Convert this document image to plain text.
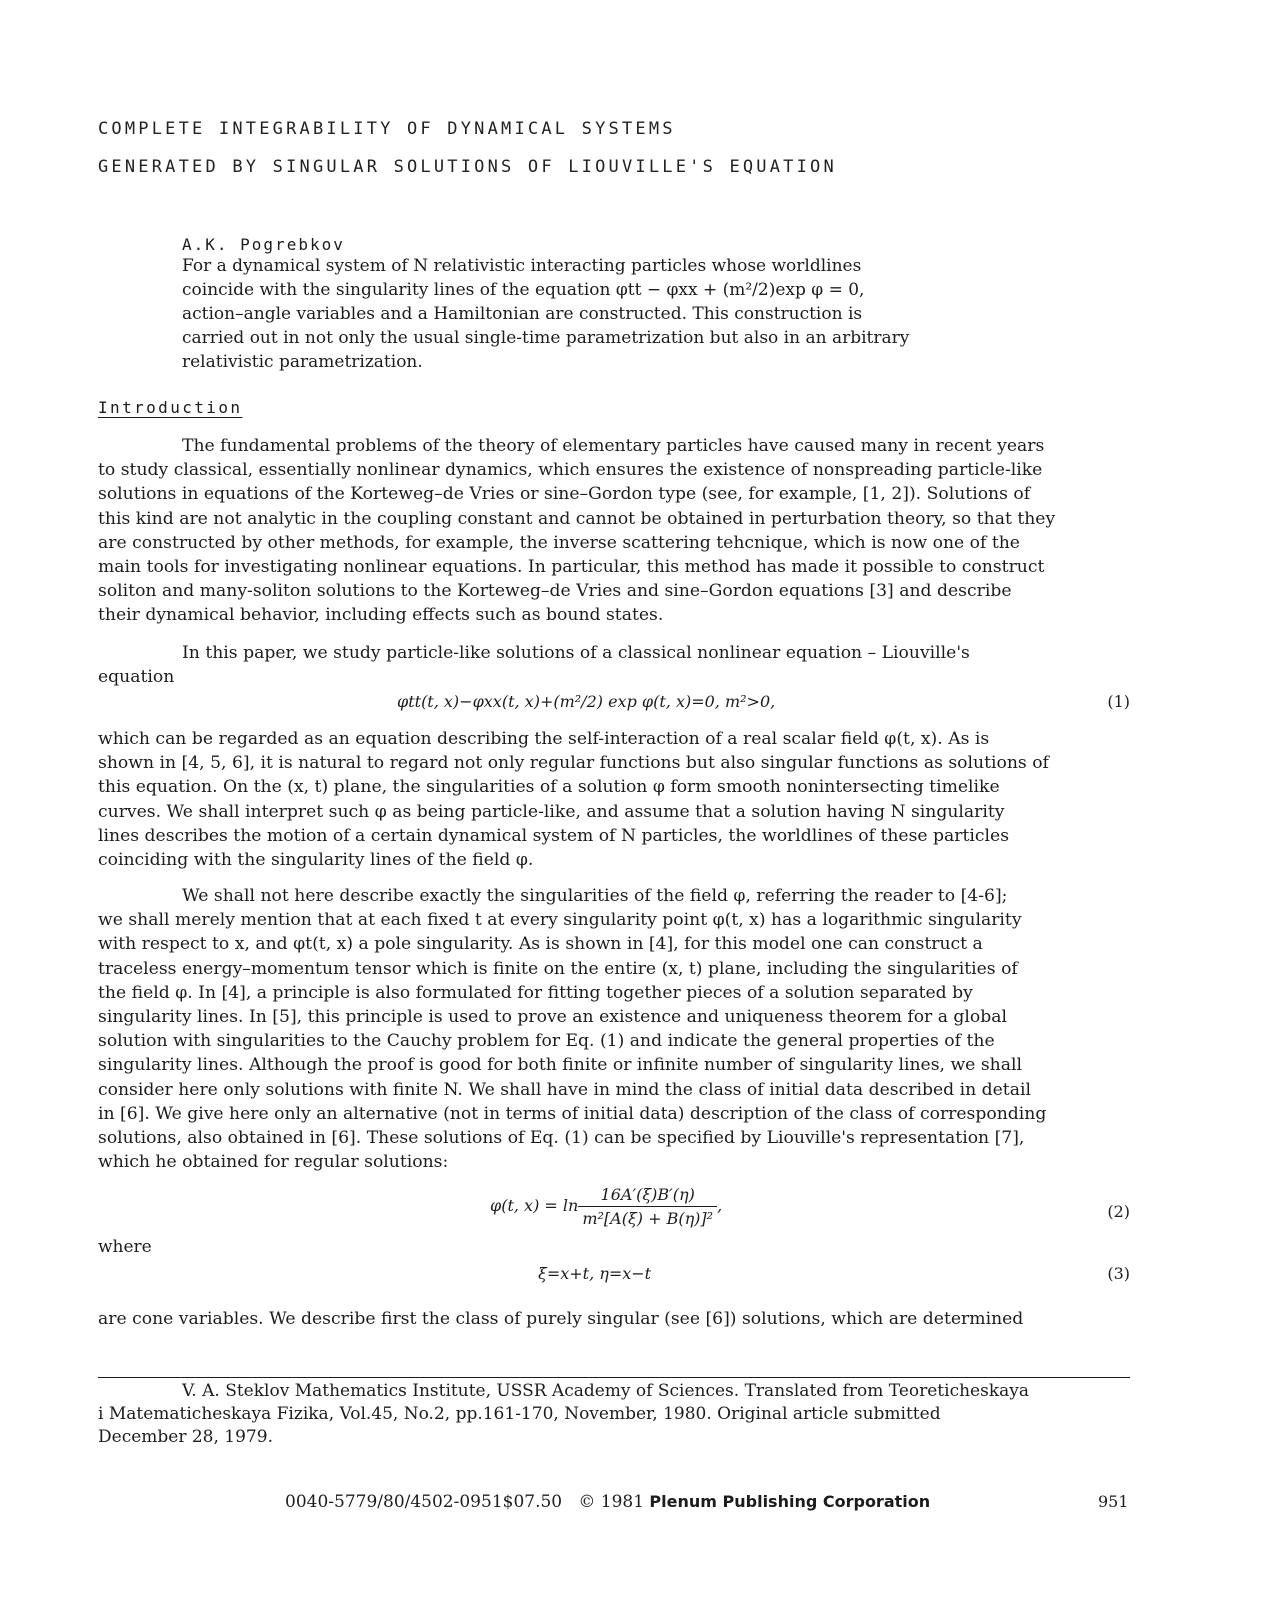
COMPLETE INTEGRABILITY OF DYNAMICAL SYSTEMS
GENERATED BY SINGULAR SOLUTIONS OF LIOUVILLE'S EQUATION
A.K. Pogrebkov
For a dynamical system of N relativistic interacting particles whose worldlines
coincide with the singularity lines of the equation φtt − φxx + (m²/2)exp φ = 0,
action–angle variables and a Hamiltonian are constructed. This construction is
carried out in not only the usual single-time parametrization but also in an arbitrary
relativistic parametrization.
Introduction
The fundamental problems of the theory of elementary particles have caused many in recent years
to study classical, essentially nonlinear dynamics, which ensures the existence of nonspreading particle-like
solutions in equations of the Korteweg–de Vries or sine–Gordon type (see, for example, [1, 2]). Solutions of
this kind are not analytic in the coupling constant and cannot be obtained in perturbation theory, so that they
are constructed by other methods, for example, the inverse scattering tehcnique, which is now one of the
main tools for investigating nonlinear equations. In particular, this method has made it possible to construct
soliton and many-soliton solutions to the Korteweg–de Vries and sine–Gordon equations [3] and describe
their dynamical behavior, including effects such as bound states.
In this paper, we study particle-like solutions of a classical nonlinear equation – Liouville's
equation
φtt(t, x)−φxx(t, x)+(m²/2) exp φ(t, x)=0, m²>0,	(1)
which can be regarded as an equation describing the self-interaction of a real scalar field φ(t, x). As is
shown in [4, 5, 6], it is natural to regard not only regular functions but also singular functions as solutions of
this equation. On the (x, t) plane, the singularities of a solution φ form smooth nonintersecting timelike
curves. We shall interpret such φ as being particle-like, and assume that a solution having N singularity
lines describes the motion of a certain dynamical system of N particles, the worldlines of these particles
coinciding with the singularity lines of the field φ.
We shall not here describe exactly the singularities of the field φ, referring the reader to [4-6];
we shall merely mention that at each fixed t at every singularity point φ(t, x) has a logarithmic singularity
with respect to x, and φt(t, x) a pole singularity. As is shown in [4], for this model one can construct a
traceless energy–momentum tensor which is finite on the entire (x, t) plane, including the singularities of
the field φ. In [4], a principle is also formulated for fitting together pieces of a solution separated by
singularity lines. In [5], this principle is used to prove an existence and uniqueness theorem for a global
solution with singularities to the Cauchy problem for Eq. (1) and indicate the general properties of the
singularity lines. Although the proof is good for both finite or infinite number of singularity lines, we shall
consider here only solutions with finite N. We shall have in mind the class of initial data described in detail
in [6]. We give here only an alternative (not in terms of initial data) description of the class of corresponding
solutions, also obtained in [6]. These solutions of Eq. (1) can be specified by Liouville's representation [7],
which he obtained for regular solutions:
φ(t, $x) = \ln \frac{16A'(\xi)B'(\eta)}{\text{m²[A(ξ) + B(η)]²}}$ ,	(2)
where
ξ=x+t, η=x−t	(3)
are cone variables. We describe first the class of purely singular (see [6]) solutions, which are determined
V. A. Steklov Mathematics Institute, USSR Academy of Sciences. Translated from Teoreticheskaya
i Matematicheskaya Fizika, Vol.45, No.2, pp.161-170, November, 1980. Original article submitted
December 28, 1979.
0040-5779/80/4502-0951$07.50 © 1981 Plenum Publishing Corporation	951
